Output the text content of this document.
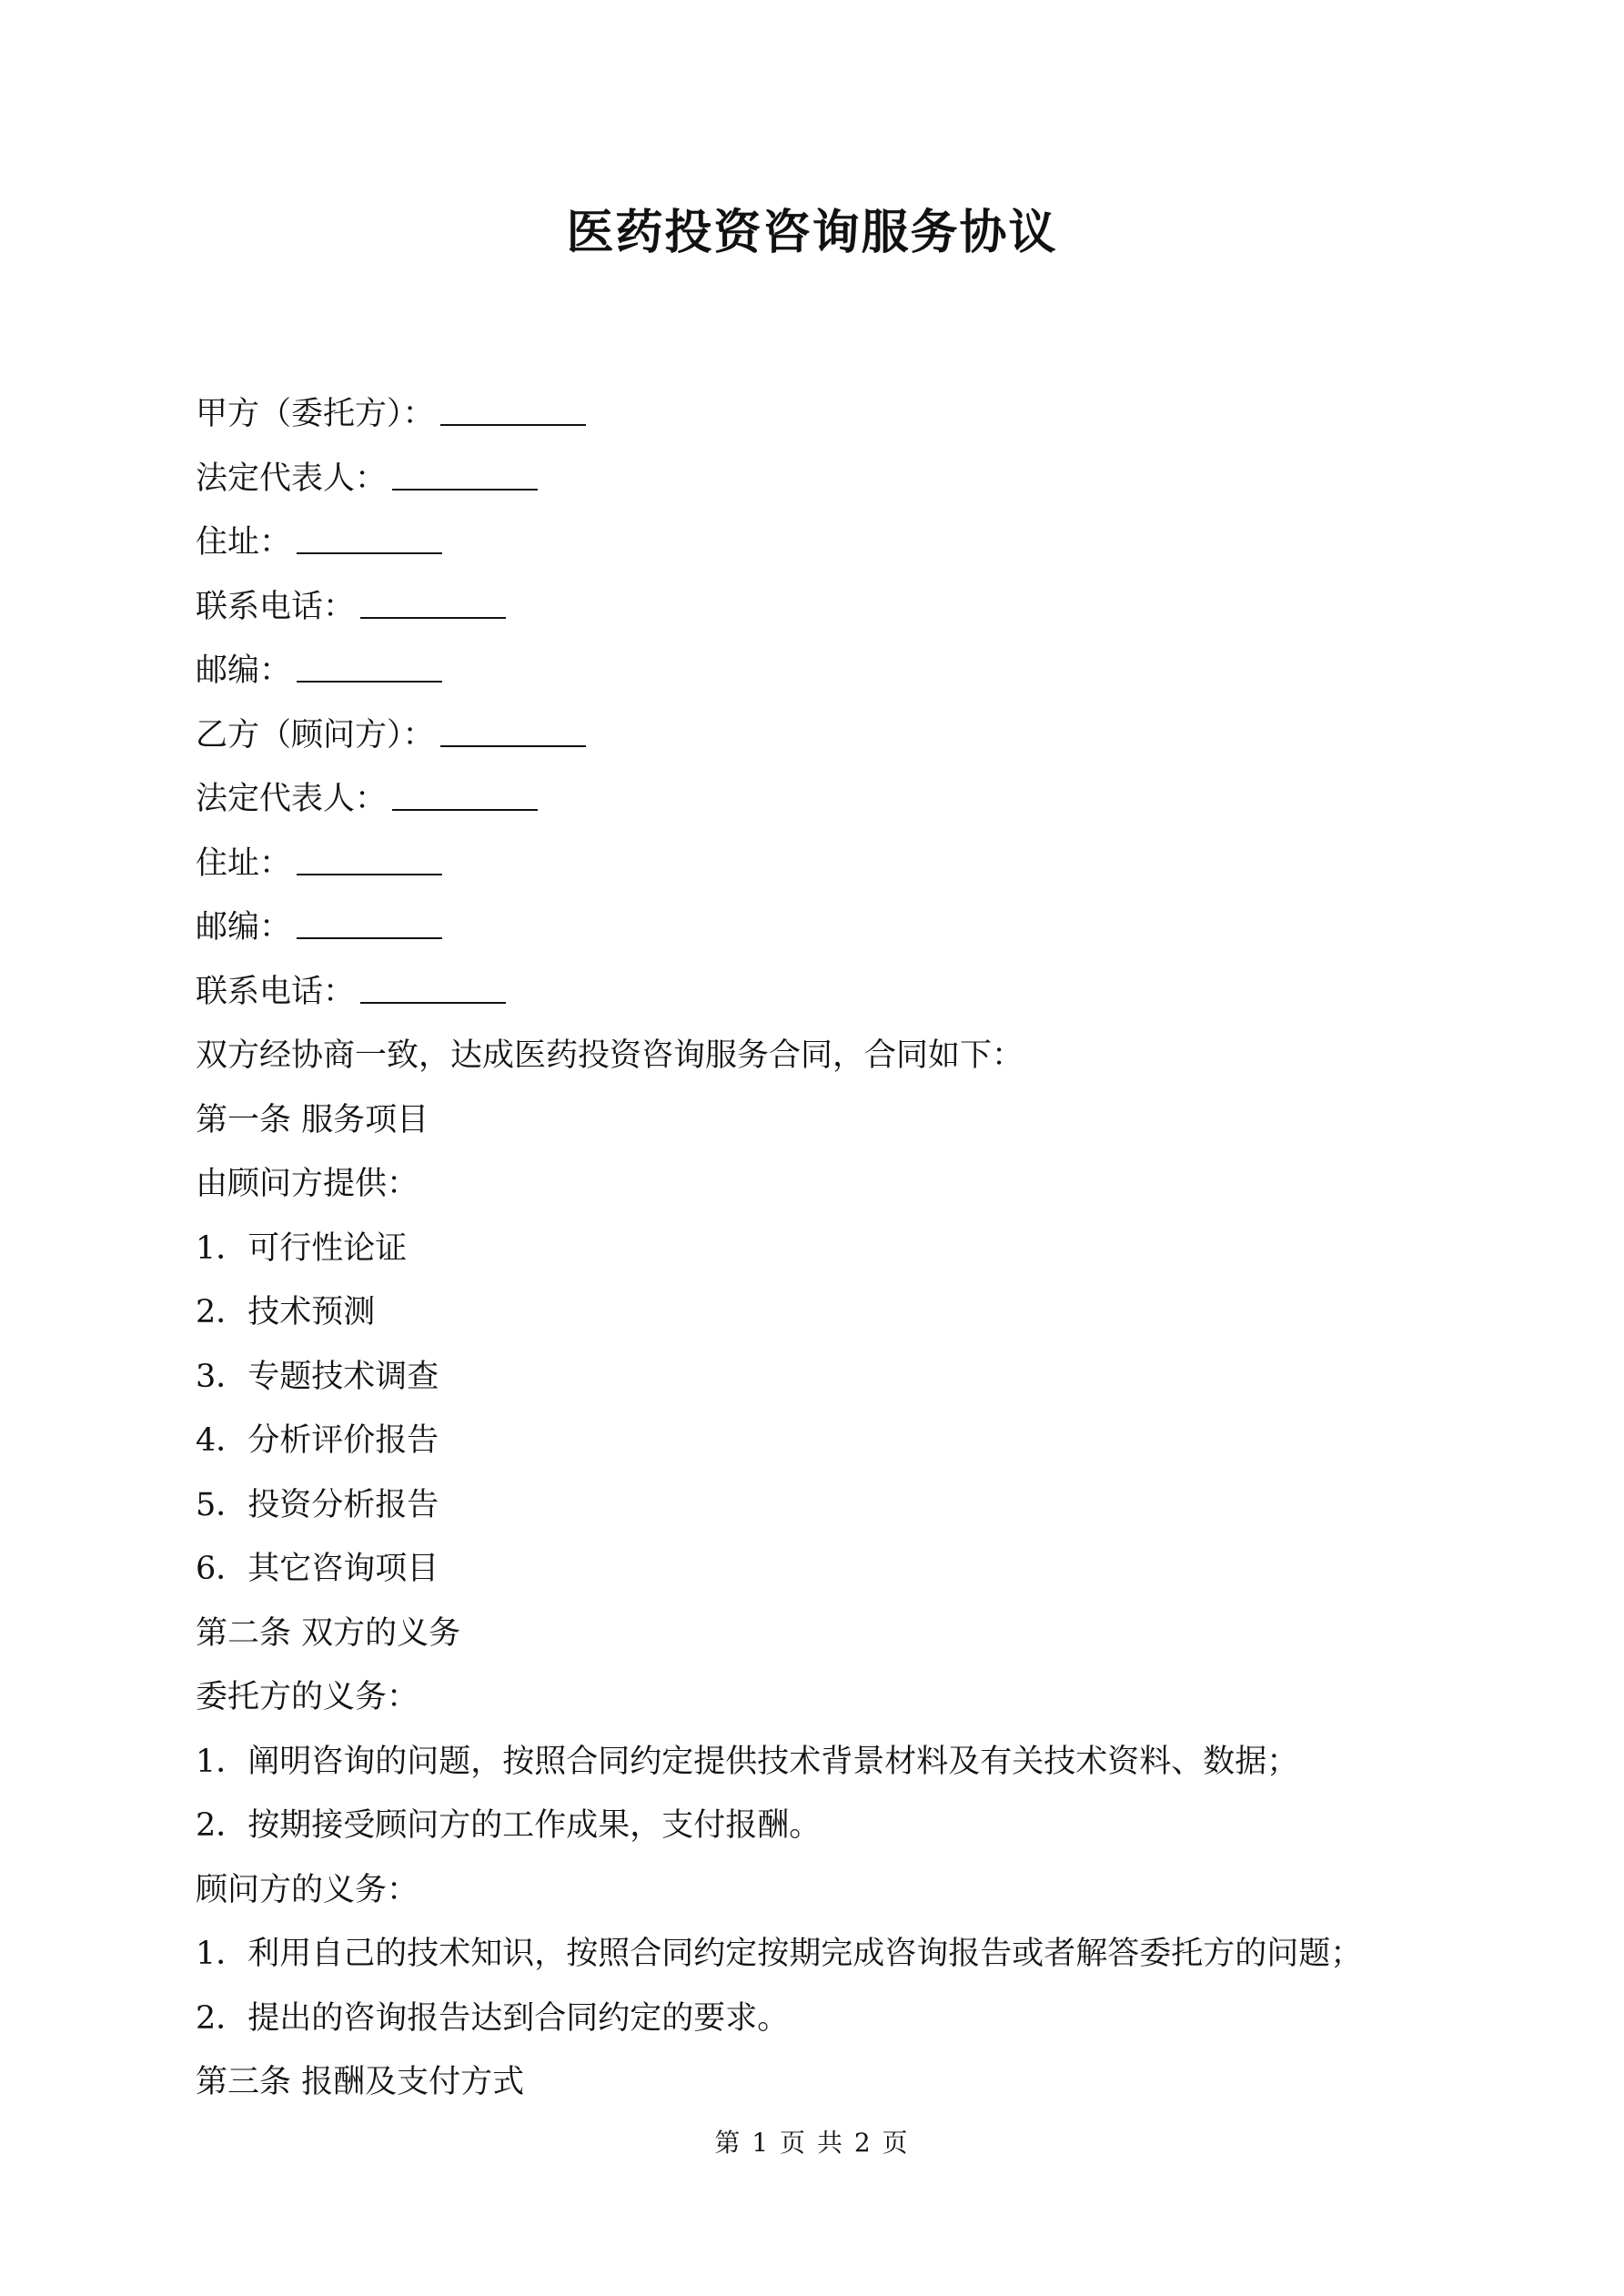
医药投资咨询服务协议
甲方（委托方）：
法定代表人：
住址：
联系电话：
邮编：
乙方（顾问方）：
法定代表人：
住址：
邮编：
联系电话：
双方经协商一致，达成医药投资咨询服务合同，合同如下：
第一条 服务项目
由顾问方提供：
1．可行性论证
2．技术预测
3．专题技术调查
4．分析评价报告
5．投资分析报告
6．其它咨询项目
第二条 双方的义务
委托方的义务：
1．阐明咨询的问题，按照合同约定提供技术背景材料及有关技术资料、数据；
2．按期接受顾问方的工作成果，支付报酬。
顾问方的义务：
1．利用自己的技术知识，按照合同约定按期完成咨询报告或者解答委托方的问题；
2．提出的咨询报告达到合同约定的要求。
第三条 报酬及支付方式
第 1 页 共 2 页
